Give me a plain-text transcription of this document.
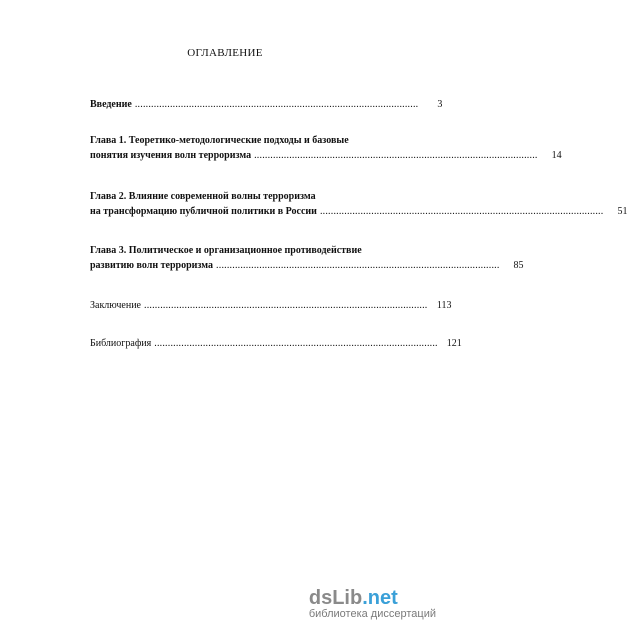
ОГЛАВЛЕНИЕ
Введение .........................................................................................................	3
Глава 1. Теоретико-методологические подходы и базовые
понятия изучения волн терроризма .........................................................................................................	14
Глава 2. Влияние современной волны терроризма
на трансформацию публичной политики в России .........................................................................................................	51
Глава 3. Политическое и организационное противодействие
развитию волн терроризма .........................................................................................................	85
Заключение ......................................................................................................... 113
Библиография ......................................................................................................... 121
dsLib.net
библиотека диссертаций
